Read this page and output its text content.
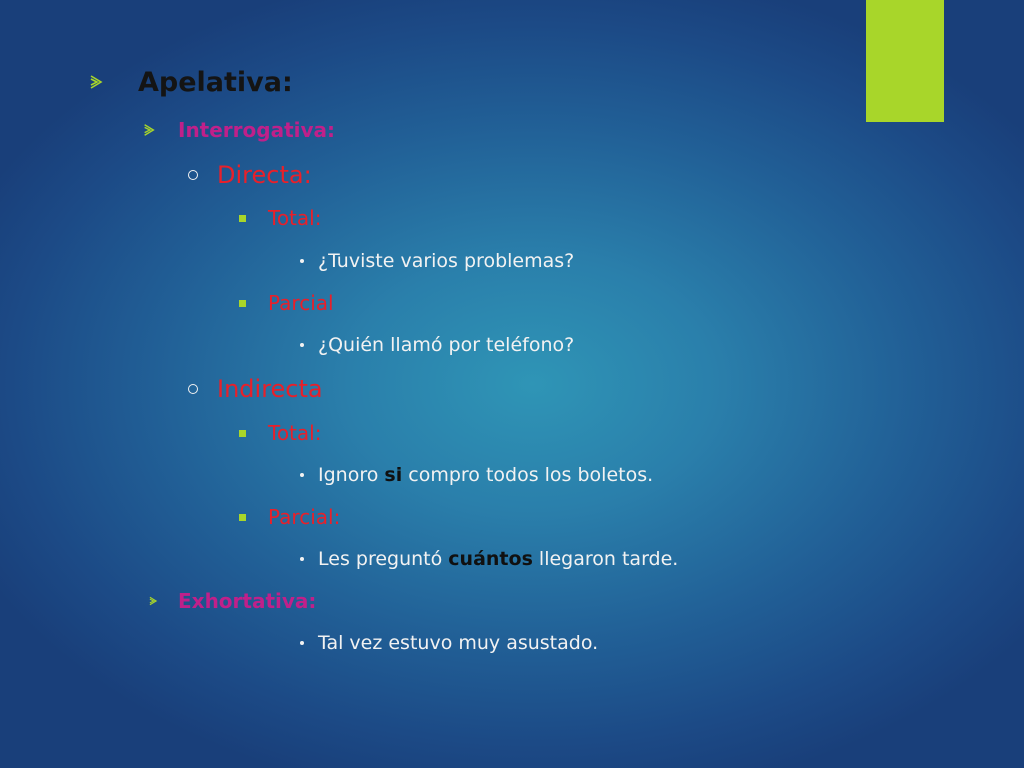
Apelativa:
Interrogativa:
Directa:
Total:
¿Tuviste varios problemas?
Parcial
¿Quién llamó por teléfono?
Indirecta
Total:
Ignoro si compro todos los boletos.
Parcial:
Les preguntó cuántos llegaron tarde.
Exhortativa:
Tal vez estuvo muy asustado.
